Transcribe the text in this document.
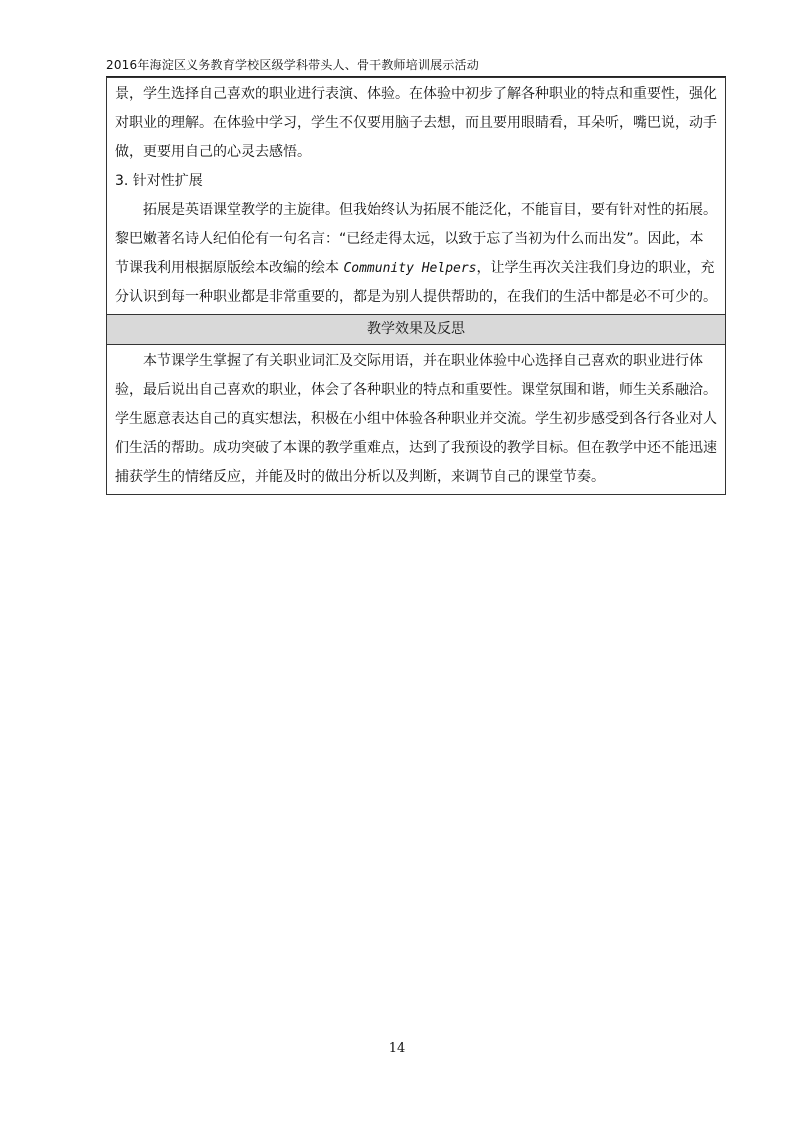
2016年海淀区义务教育学校区级学科带头人、骨干教师培训展示活动

景，学生选择自己喜欢的职业进行表演、体验。在体验中初步了解各种职业的特点和重要性，强化对职业的理解。在体验中学习，学生不仅要用脑子去想，而且要用眼睛看，耳朵听，嘴巴说，动手做，更要用自己的心灵去感悟。

3. 针对性扩展

拓展是英语课堂教学的主旋律。但我始终认为拓展不能泛化，不能盲目，要有针对性的拓展。黎巴嫩著名诗人纪伯伦有一句名言：“已经走得太远，以致于忘了当初为什么而出发”。因此，本节课我利用根据原版绘本改编的绘本 Community Helpers，让学生再次关注我们身边的职业，充分认识到每一种职业都是非常重要的，都是为别人提供帮助的，在我们的生活中都是必不可少的。

教学效果及反思

本节课学生掌握了有关职业词汇及交际用语，并在职业体验中心选择自己喜欢的职业进行体验，最后说出自己喜欢的职业，体会了各种职业的特点和重要性。课堂氛围和谐，师生关系融洽。学生愿意表达自己的真实想法，积极在小组中体验各种职业并交流。学生初步感受到各行各业对人们生活的帮助。成功突破了本课的教学重难点，达到了我预设的教学目标。但在教学中还不能迅速捕获学生的情绪反应，并能及时的做出分析以及判断，来调节自己的课堂节奏。

14
